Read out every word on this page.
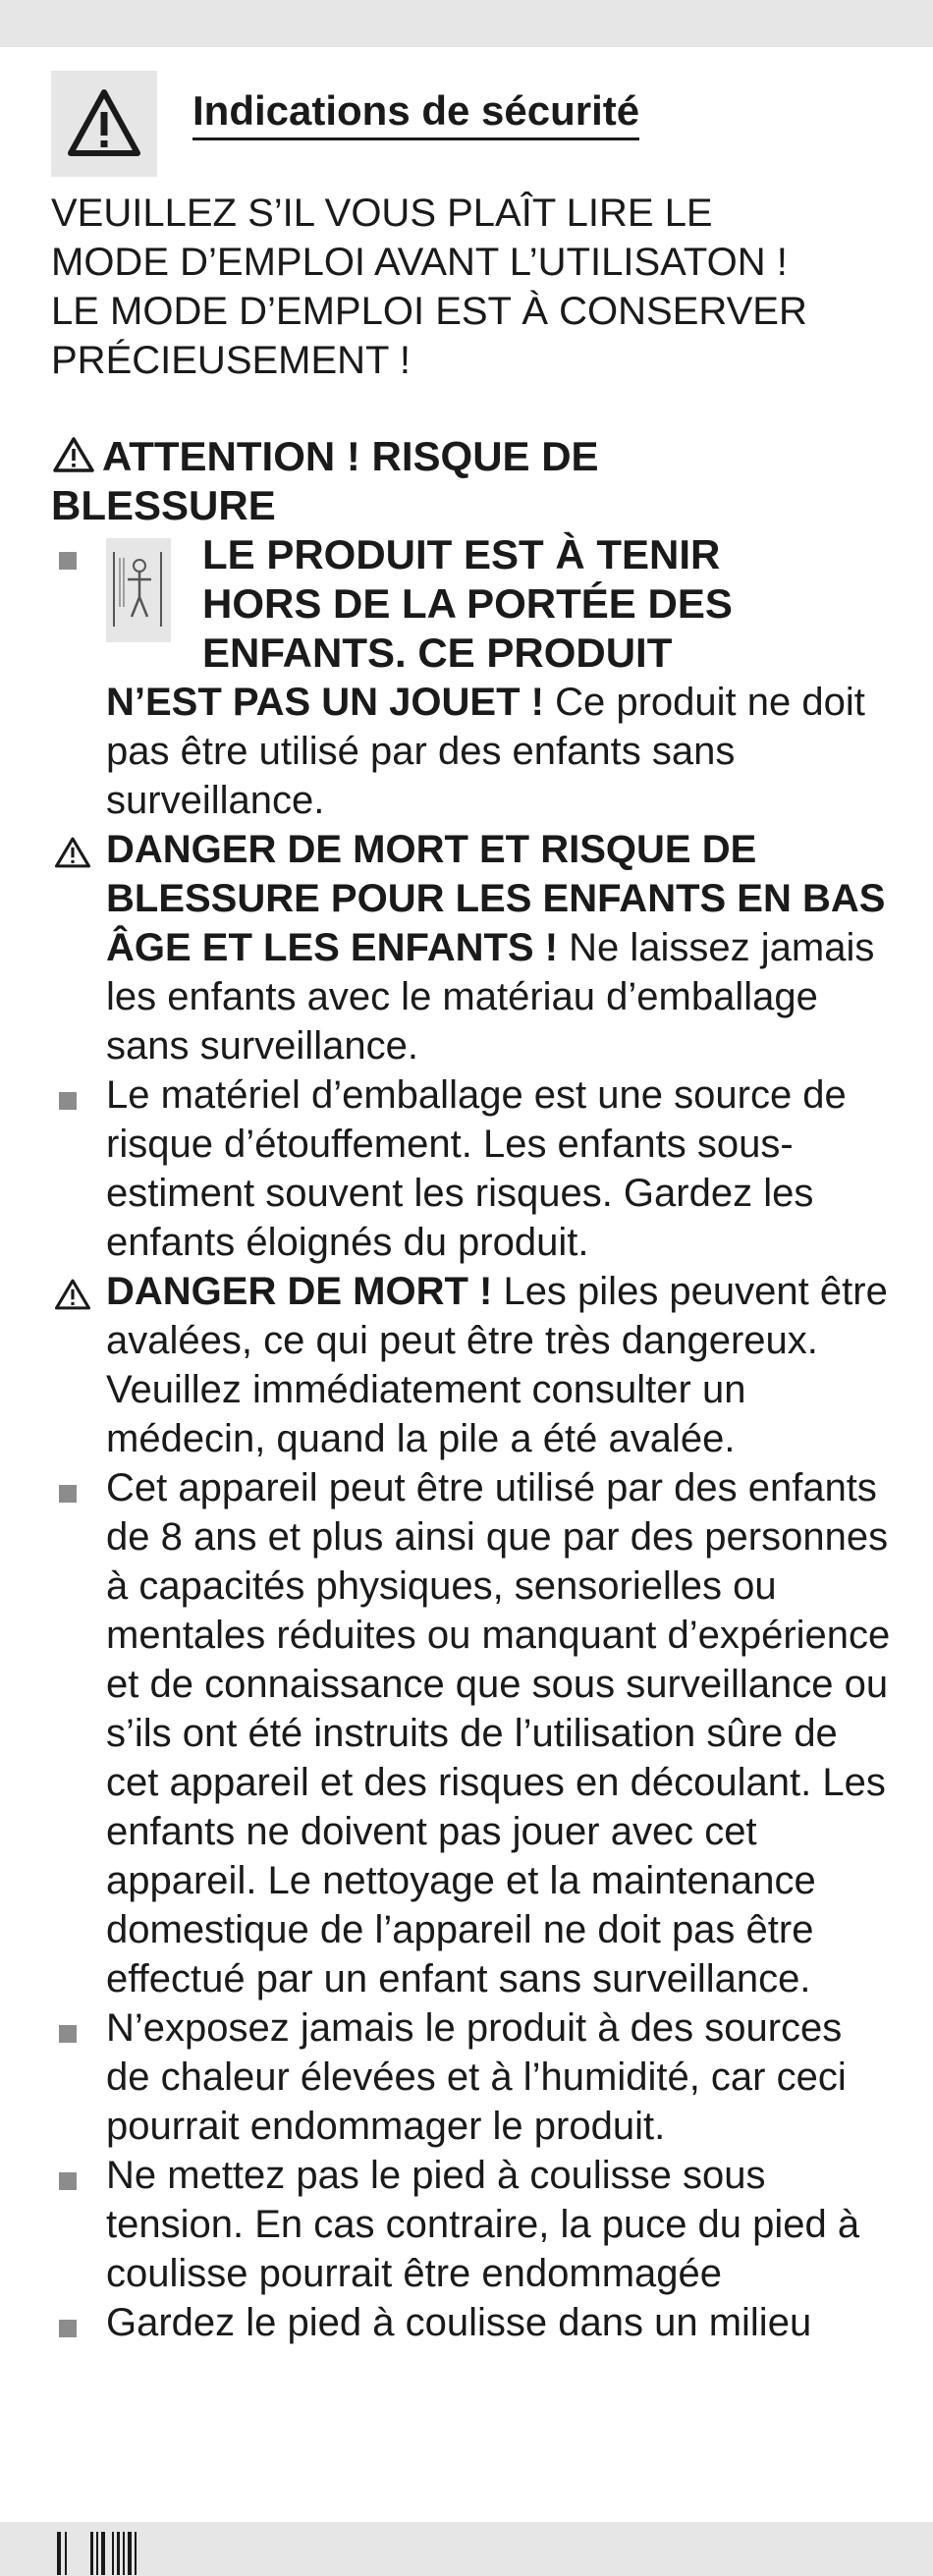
Indications de sécurité
VEUILLEZ S’IL VOUS PLAÎT LIRE LE
MODE D’EMPLOI AVANT L’UTILISATON !
LE MODE D’EMPLOI EST À CONSERVER
PRÉCIEUSEMENT !
ATTENTION ! RISQUE DE
BLESSURE
LE PRODUIT EST À TENIR
HORS DE LA PORTÉE DES
ENFANTS. CE PRODUIT
N’EST PAS UN JOUET ! Ce produit ne doit pas être utilisé par des enfants sans surveillance.
DANGER DE MORT ET RISQUE DE BLESSURE POUR LES ENFANTS EN BAS ÂGE ET LES ENFANTS ! Ne laissez jamais les enfants avec le matériau d’emballage sans surveillance.
Le matériel d’emballage est une source de risque d’étouffement. Les enfants sous-estiment souvent les risques. Gardez les enfants éloignés du produit.
DANGER DE MORT ! Les piles peuvent être avalées, ce qui peut être très dangereux. Veuillez immédiatement consulter un médecin, quand la pile a été avalée.
Cet appareil peut être utilisé par des enfants de 8 ans et plus ainsi que par des personnes à capacités physiques, sensorielles ou mentales réduites ou manquant d’expérience et de connaissance que sous surveillance ou s’ils ont été instruits de l’utilisation sûre de cet appareil et des risques en découlant. Les enfants ne doivent pas jouer avec cet appareil. Le nettoyage et la maintenance domestique de l’appareil ne doit pas être effectué par un enfant sans surveillance.
N’exposez jamais le produit à des sources de chaleur élevées et à l’humidité, car ceci pourrait endommager le produit.
Ne mettez pas le pied à coulisse sous tension. En cas contraire, la puce du pied à coulisse pourrait être endommagée
Gardez le pied à coulisse dans un milieu
